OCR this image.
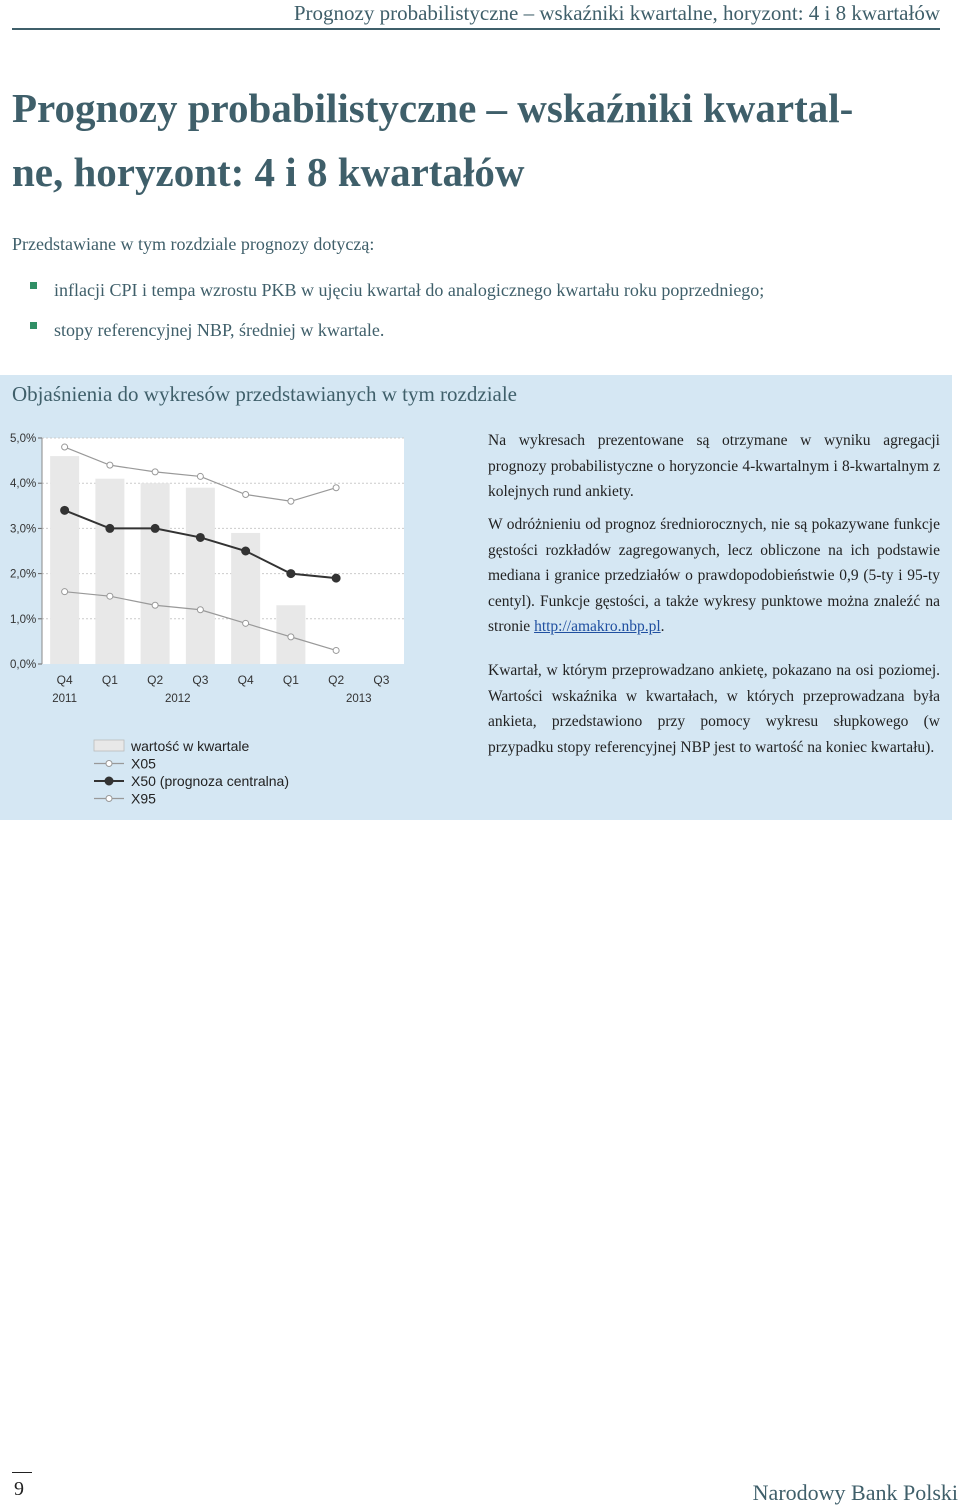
Prognozy probabilistyczne – wskaźniki kwartalne, horyzont: 4 i 8 kwartałów
Prognozy probabilistyczne – wskaźniki kwartal-
ne, horyzont: 4 i 8 kwartałów
Przedstawiane w tym rozdziale prognozy dotyczą:
inflacji CPI i tempa wzrostu PKB w ujęciu kwartał do analogicznego kwartału roku poprzedniego;
stopy referencyjnej NBP, średniej w kwartale.
Objaśnienia do wykresów przedstawianych w tym rozdziale
0,0%
1,0%
2,0%
3,0%
4,0%
5,0%
Q4 Q1 Q2 Q3 Q4 Q1 Q2 Q3
2011	2012	2013
wartość w kwartale
X05
X50 (prognoza centralna)
X95

Na wykresach prezentowane są otrzymane w wyniku agregacji prognozy probabilistyczne o horyzoncie 4-kwartalnym i 8-kwartalnym z kolejnych rund ankiety.

W odróżnieniu od prognoz średniorocznych, nie są pokazywane funkcje gęstości rozkładów zagregowanych, lecz obliczone na ich podstawie mediana i granice przedziałów o prawdopodobieństwie 0,9 (5-ty i 95-ty centyl). Funkcje gęstości, a także wykresy punktowe można znaleźć na stronie http://amakro.nbp.pl.

Kwartał, w którym przeprowadzano ankietę, pokazano na osi poziomej. Wartości wskaźnika w kwartałach, w których przeprowadzana była ankieta, przedstawiono przy pomocy wykresu słupkowego (w przypadku stopy referencyjnej NBP jest to wartość na koniec kwartału).

9	Narodowy Bank Polski
